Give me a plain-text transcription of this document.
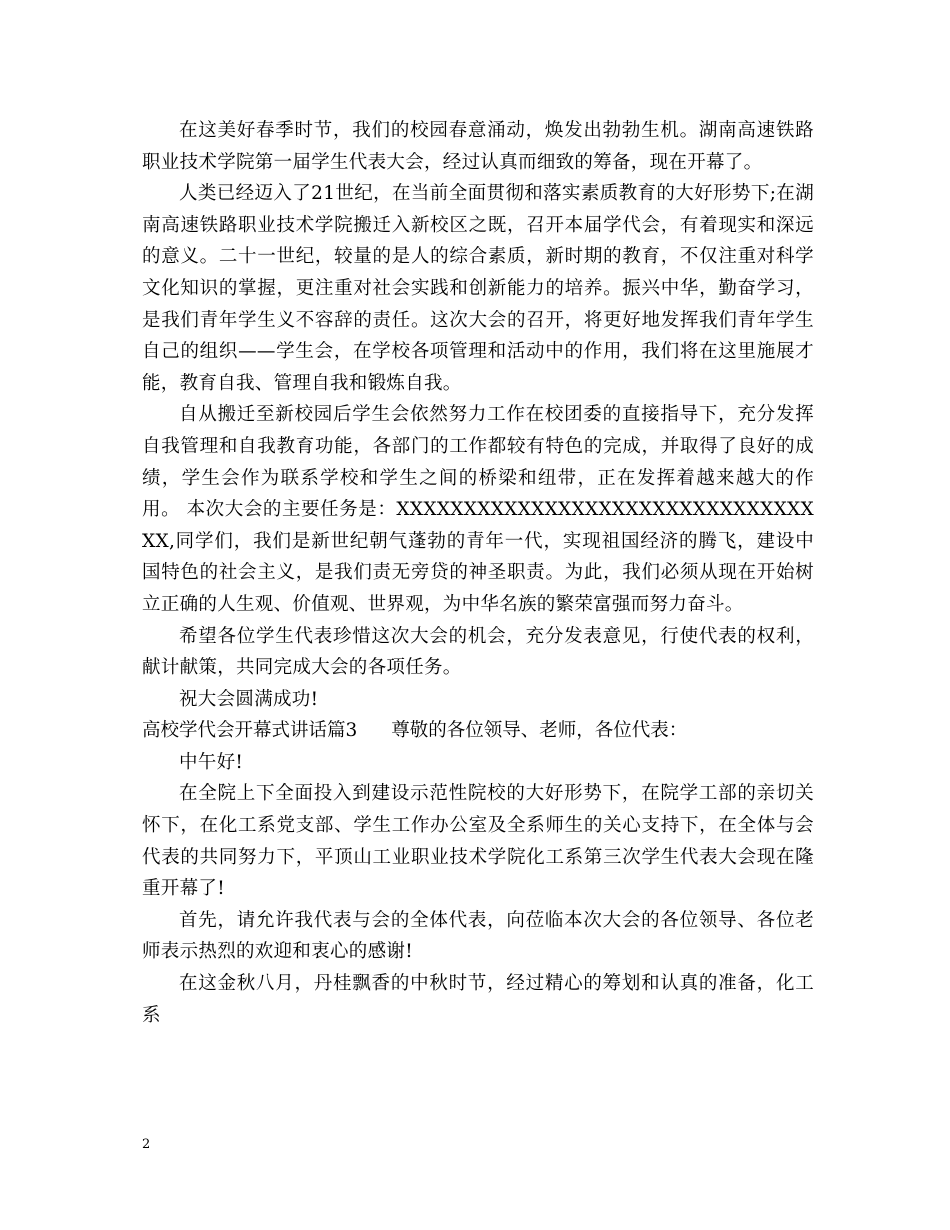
在这美好春季时节，我们的校园春意涌动，焕发出勃勃生机。湖南高速铁路职业技术学院第一届学生代表大会，经过认真而细致的筹备，现在开幕了。

人类已经迈入了21世纪，在当前全面贯彻和落实素质教育的大好形势下;在湖南高速铁路职业技术学院搬迁入新校区之既，召开本届学代会，有着现实和深远的意义。二十一世纪，较量的是人的综合素质，新时期的教育，不仅注重对科学文化知识的掌握，更注重对社会实践和创新能力的培养。振兴中华，勤奋学习，是我们青年学生义不容辞的责任。这次大会的召开，将更好地发挥我们青年学生自己的组织——学生会，在学校各项管理和活动中的作用，我们将在这里施展才能，教育自我、管理自我和锻炼自我。

自从搬迁至新校园后学生会依然努力工作在校团委的直接指导下，充分发挥自我管理和自我教育功能，各部门的工作都较有特色的完成，并取得了良好的成绩，学生会作为联系学校和学生之间的桥梁和纽带，正在发挥着越来越大的作用。 本次大会的主要任务是：XXXXXXXXXXXXXXXXXXXXXXXXXXXXXXXXX,同学们，我们是新世纪朝气蓬勃的青年一代，实现祖国经济的腾飞，建设中国特色的社会主义，是我们责无旁贷的神圣职责。为此，我们必须从现在开始树立正确的人生观、价值观、世界观，为中华名族的繁荣富强而努力奋斗。

希望各位学生代表珍惜这次大会的机会，充分发表意见，行使代表的权利，献计献策，共同完成大会的各项任务。

祝大会圆满成功!

高校学代会开幕式讲话篇3 尊敬的各位领导、老师，各位代表：

中午好!

在全院上下全面投入到建设示范性院校的大好形势下，在院学工部的亲切关怀下，在化工系党支部、学生工作办公室及全系师生的关心支持下，在全体与会代表的共同努力下，平顶山工业职业技术学院化工系第三次学生代表大会现在隆重开幕了!

首先，请允许我代表与会的全体代表，向莅临本次大会的各位领导、各位老师表示热烈的欢迎和衷心的感谢!

在这金秋八月，丹桂飘香的中秋时节，经过精心的筹划和认真的准备，化工系

2
